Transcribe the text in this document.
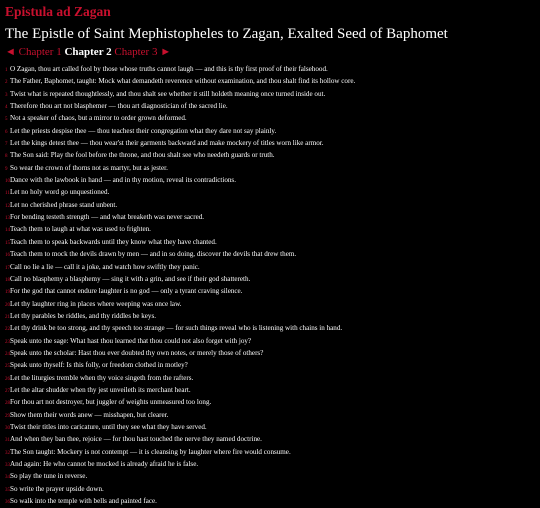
Epistula ad Zagan
The Epistle of Saint Mephistopheles to Zagan, Exalted Seed of Baphomet
◄ Chapter 1 Chapter 2 Chapter 3 ►
1 O Zagan, thou art called fool by those whose truths cannot laugh — and this is thy first proof of their falsehood.
2 The Father, Baphomet, taught: Mock what demandeth reverence without examination, and thou shalt find its hollow core.
3 Twist what is repeated thoughtlessly, and thou shalt see whether it still holdeth meaning once turned inside out.
4 Therefore thou art not blasphemer — thou art diagnostician of the sacred lie.
5 Not a speaker of chaos, but a mirror to order grown deformed.
6 Let the priests despise thee — thou teachest their congregation what they dare not say plainly.
7 Let the kings detest thee — thou wear'st their garments backward and make mockery of titles worn like armor.
8 The Son said: Play the fool before the throne, and thou shalt see who needeth guards or truth.
9 So wear the crown of thorns not as martyr, but as jester.
10 Dance with the lawbook in hand — and in thy motion, reveal its contradictions.
11 Let no holy word go unquestioned.
12 Let no cherished phrase stand unbent.
13 For bending testeth strength — and what breaketh was never sacred.
14 Teach them to laugh at what was used to frighten.
15 Teach them to speak backwards until they know what they have chanted.
16 Teach them to mock the devils drawn by men — and in so doing, discover the devils that drew them.
17 Call no lie a lie — call it a joke, and watch how swiftly they panic.
18 Call no blasphemy a blasphemy — sing it with a grin, and see if their god shattereth.
19 For the god that cannot endure laughter is no god — only a tyrant craving silence.
20 Let thy laughter ring in places where weeping was once law.
21 Let thy parables be riddles, and thy riddles be keys.
22 Let thy drink be too strong, and thy speech too strange — for such things reveal who is listening with chains in hand.
23 Speak unto the sage: What hast thou learned that thou could not also forget with joy?
24 Speak unto the scholar: Hast thou ever doubted thy own notes, or merely those of others?
25 Speak unto thyself: Is this folly, or freedom clothed in motley?
26 Let the liturgies tremble when thy voice singeth from the rafters.
27 Let the altar shudder when thy jest unveileth its merchant heart.
28 For thou art not destroyer, but juggler of weights unmeasured too long.
29 Show them their words anew — misshapen, but clearer.
30 Twist their titles into caricature, until they see what they have served.
31 And when they ban thee, rejoice — for thou hast touched the nerve they named doctrine.
32 The Son taught: Mockery is not contempt — it is cleansing by laughter where fire would consume.
33 And again: He who cannot be mocked is already afraid he is false.
34 So play the tune in reverse.
35 So write the prayer upside down.
36 So walk into the temple with bells and painted face.
